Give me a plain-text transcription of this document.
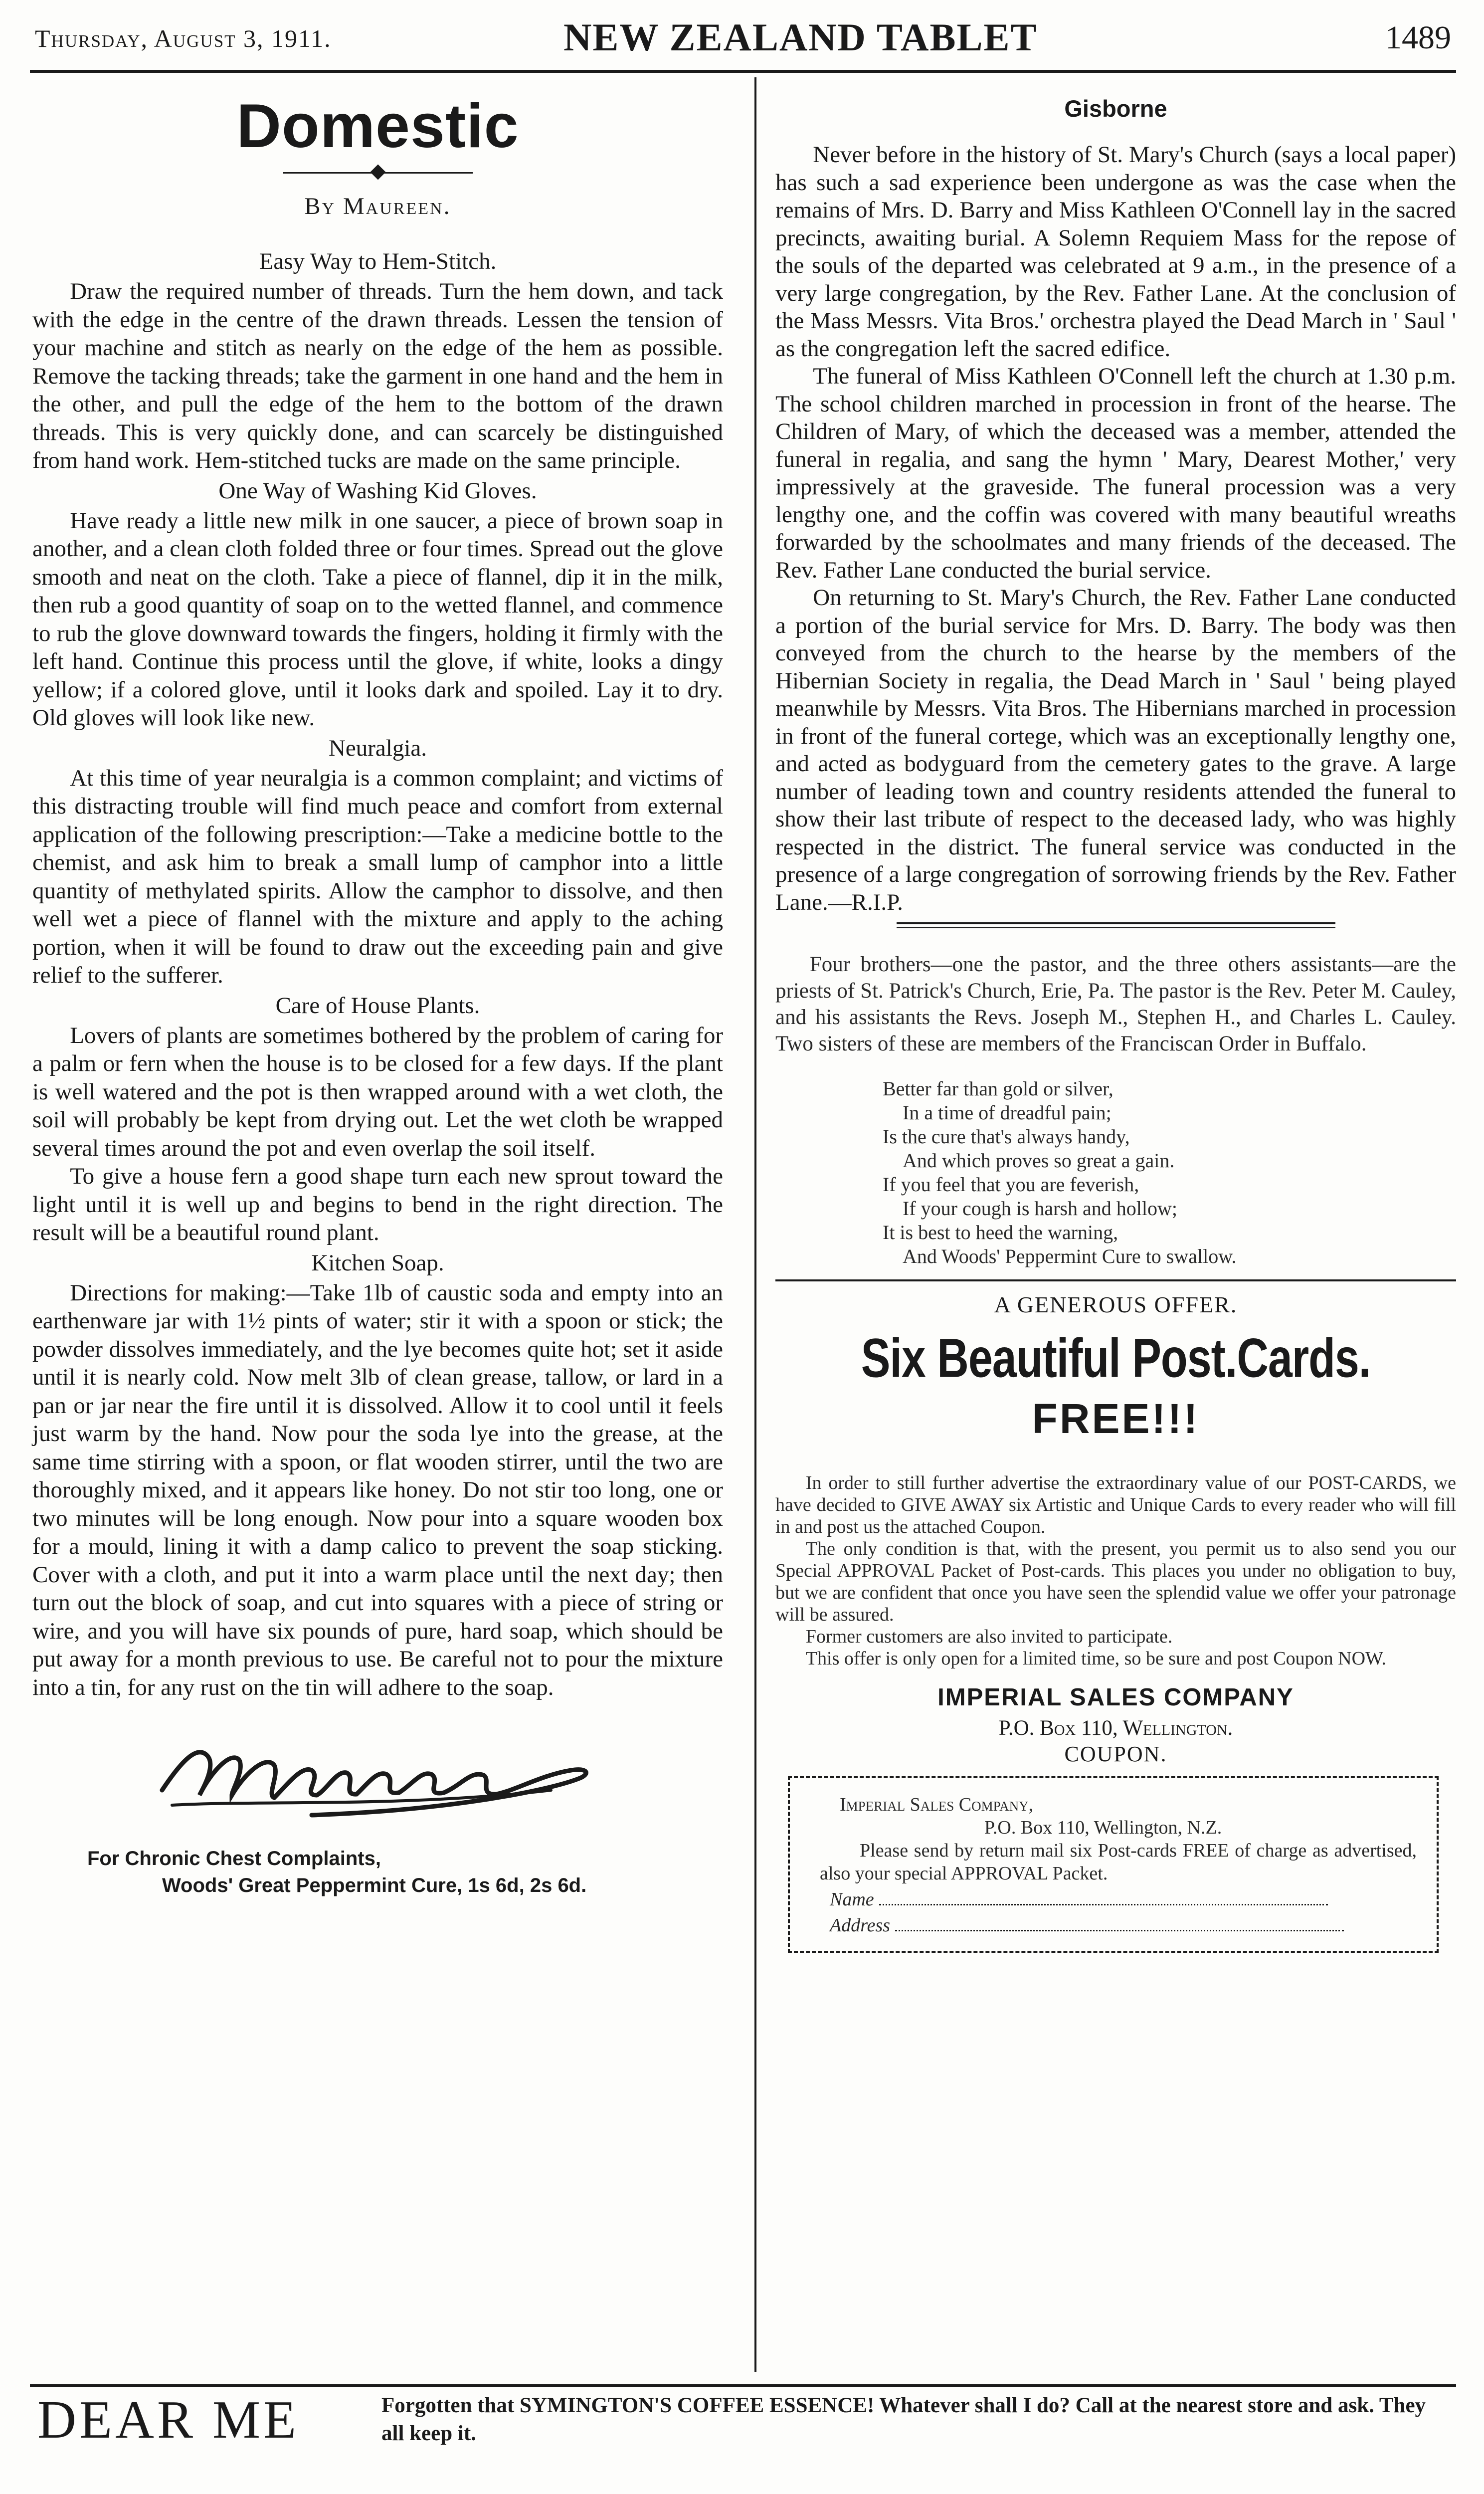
Thursday, August 3, 1911.	NEW ZEALAND TABLET	1489
Domestic
By Maureen.
Easy Way to Hem-Stitch.

Draw the required number of threads. Turn the hem down, and tack with the edge in the centre of the drawn threads. Lessen the tension of your machine and stitch as nearly on the edge of the hem as possible. Remove the tacking threads; take the garment in one hand and the hem in the other, and pull the edge of the hem to the bottom of the drawn threads. This is very quickly done, and can scarcely be distinguished from hand work. Hem-stitched tucks are made on the same principle.

One Way of Washing Kid Gloves.

Have ready a little new milk in one saucer, a piece of brown soap in another, and a clean cloth folded three or four times. Spread out the glove smooth and neat on the cloth. Take a piece of flannel, dip it in the milk, then rub a good quantity of soap on to the wetted flannel, and commence to rub the glove downward towards the fingers, holding it firmly with the left hand. Continue this process until the glove, if white, looks a dingy yellow; if a colored glove, until it looks dark and spoiled. Lay it to dry. Old gloves will look like new.

Neuralgia.

At this time of year neuralgia is a common complaint; and victims of this distracting trouble will find much peace and comfort from external application of the following prescription:—Take a medicine bottle to the chemist, and ask him to break a small lump of camphor into a little quantity of methylated spirits. Allow the camphor to dissolve, and then well wet a piece of flannel with the mixture and apply to the aching portion, when it will be found to draw out the exceeding pain and give relief to the sufferer.

Care of House Plants.

Lovers of plants are sometimes bothered by the problem of caring for a palm or fern when the house is to be closed for a few days. If the plant is well watered and the pot is then wrapped around with a wet cloth, the soil will probably be kept from drying out. Let the wet cloth be wrapped several times around the pot and even overlap the soil itself.

To give a house fern a good shape turn each new sprout toward the light until it is well up and begins to bend in the right direction. The result will be a beautiful round plant.

Kitchen Soap.

Directions for making:—Take 1lb of caustic soda and empty into an earthenware jar with 1½ pints of water; stir it with a spoon or stick; the powder dissolves immediately, and the lye becomes quite hot; set it aside until it is nearly cold. Now melt 3lb of clean grease, tallow, or lard in a pan or jar near the fire until it is dissolved. Allow it to cool until it feels just warm by the hand. Now pour the soda lye into the grease, at the same time stirring with a spoon, or flat wooden stirrer, until the two are thoroughly mixed, and it appears like honey. Do not stir too long, one or two minutes will be long enough. Now pour into a square wooden box for a mould, lining it with a damp calico to prevent the soap sticking. Cover with a cloth, and put it into a warm place until the next day; then turn out the block of soap, and cut into squares with a piece of string or wire, and you will have six pounds of pure, hard soap, which should be put away for a month previous to use. Be careful not to pour the mixture into a tin, for any rust on the tin will adhere to the soap.

For Chronic Chest Complaints,
Woods' Great Peppermint Cure, 1s 6d, 2s 6d.
Gisborne

Never before in the history of St. Mary's Church (says a local paper) has such a sad experience been undergone as was the case when the remains of Mrs. D. Barry and Miss Kathleen O'Connell lay in the sacred precincts, awaiting burial. A Solemn Requiem Mass for the repose of the souls of the departed was celebrated at 9 a.m., in the presence of a very large congregation, by the Rev. Father Lane. At the conclusion of the Mass Messrs. Vita Bros.' orchestra played the Dead March in ' Saul ' as the congregation left the sacred edifice.

The funeral of Miss Kathleen O'Connell left the church at 1.30 p.m. The school children marched in procession in front of the hearse. The Children of Mary, of which the deceased was a member, attended the funeral in regalia, and sang the hymn ' Mary, Dearest Mother,' very impressively at the graveside. The funeral procession was a very lengthy one, and the coffin was covered with many beautiful wreaths forwarded by the schoolmates and many friends of the deceased. The Rev. Father Lane conducted the burial service.

On returning to St. Mary's Church, the Rev. Father Lane conducted a portion of the burial service for Mrs. D. Barry. The body was then conveyed from the church to the hearse by the members of the Hibernian Society in regalia, the Dead March in ' Saul ' being played meanwhile by Messrs. Vita Bros. The Hibernians marched in procession in front of the funeral cortege, which was an exceptionally lengthy one, and acted as bodyguard from the cemetery gates to the grave. A large number of leading town and country residents attended the funeral to show their last tribute of respect to the deceased lady, who was highly respected in the district. The funeral service was conducted in the presence of a large congregation of sorrowing friends by the Rev. Father Lane.—R.I.P.

Four brothers—one the pastor, and the three others assistants—are the priests of St. Patrick's Church, Erie, Pa. The pastor is the Rev. Peter M. Cauley, and his assistants the Revs. Joseph M., Stephen H., and Charles L. Cauley. Two sisters of these are members of the Franciscan Order in Buffalo.

Better far than gold or silver,
In a time of dreadful pain;
Is the cure that's always handy,
And which proves so great a gain.
If you feel that you are feverish,
If your cough is harsh and hollow;
It is best to heed the warning,
And Woods' Peppermint Cure to swallow.
A GENEROUS OFFER.
Six Beautiful Post.Cards.
FREE!!!

In order to still further advertise the extraordinary value of our POST-CARDS, we have decided to GIVE AWAY six Artistic and Unique Cards to every reader who will fill in and post us the attached Coupon.

The only condition is that, with the present, you permit us to also send you our Special APPROVAL Packet of Post-cards. This places you under no obligation to buy, but we are confident that once you have seen the splendid value we offer your patronage will be assured.

Former customers are also invited to participate.

This offer is only open for a limited time, so be sure and post Coupon NOW.

IMPERIAL SALES COMPANY
P.O. Box 110, Wellington.
COUPON.
Imperial Sales Company,
P.O. Box 110, Wellington, N.Z.
Please send by return mail six Post-cards FREE of charge as advertised, also your special APPROVAL Packet.
Name
Address
DEAR ME	Forgotten that SYMINGTON'S COFFEE ESSENCE! Whatever shall I do? Call at the nearest store and ask. They all keep it.
